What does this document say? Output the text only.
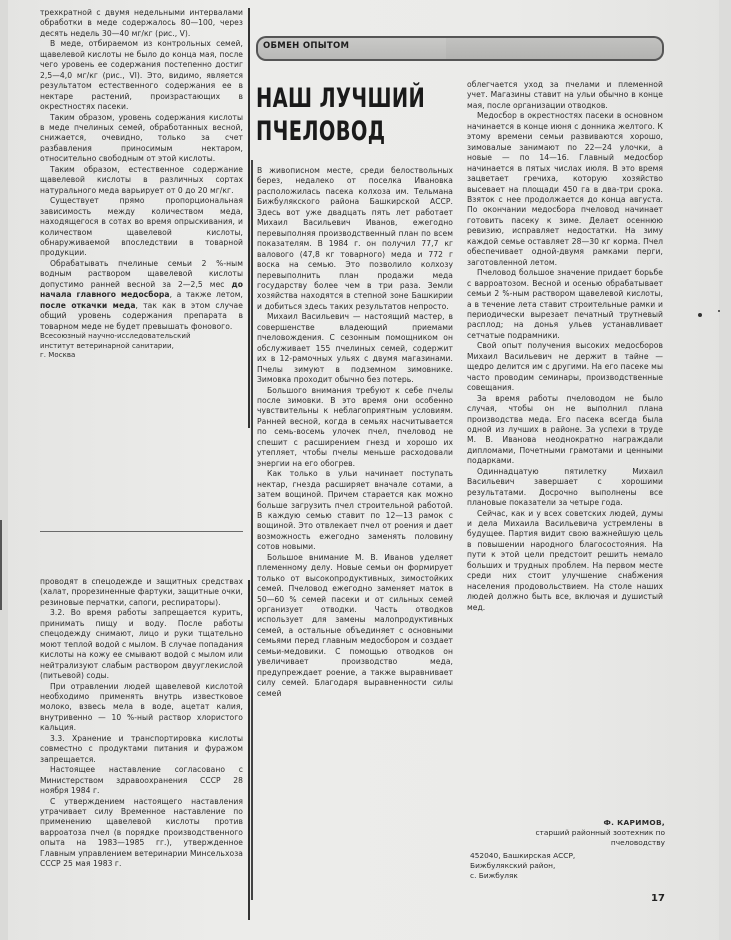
ОБМЕН ОПЫТОМ
НАШ ЛУЧШИЙ
ПЧЕЛОВОД

трехкратной с двумя недельными интервалами обработки в меде содержалось 80—100, через десять недель 30—40 мг/кг (рис., V).

В меде, отбираемом из контрольных семей, щавелевой кислоты не было до конца мая, после чего уровень ее содержания постепенно достиг 2,5—4,0 мг/кг (рис., VI). Это, видимо, является результатом естественного содержания ее в нектаре растений, произрастающих в окрестностях пасеки.

Таким образом, уровень содержания кислоты в меде пчелиных семей, обработанных весной, снижается, очевидно, только за счет разбавления приносимым нектаром, относительно свободным от этой кислоты.

Таким образом, естественное содержание щавелевой кислоты в различных сортах натурального меда варьирует от 0 до 20 мг/кг.

Существует прямо пропорциональная зависимость между количеством меда, находящегося в сотах во время опрыскивания, и количеством щавелевой кислоты, обнаруживаемой впоследствии в товарной продукции.

Обрабатывать пчелиные семьи 2 %-ным водным раствором щавелевой кислоты допустимо ранней весной за 2—2,5 мес до начала главного медосбора, а также летом, после откачки меда, так как в этом случае общий уровень содержания препарата в товарном меде не будет превышать фонового.

Всесоюзный научно-исследовательский
институт ветеринарной санитарии,
г. Москва

проводят в спецодежде и защитных средствах (халат, прорезиненные фартуки, защитные очки, резиновые перчатки, сапоги, респираторы).

3.2. Во время работы запрещается курить, принимать пищу и воду. После работы спецодежду снимают, лицо и руки тщательно моют теплой водой с мылом. В случае попадания кислоты на кожу ее смывают водой с мылом или нейтрализуют слабым раствором двууглекислой (питьевой) соды.

При отравлении людей щавелевой кислотой необходимо применять внутрь известковое молоко, взвесь мела в воде, ацетат калия, внутривенно — 10 %-ный раствор хлористого кальция.

3.3. Хранение и транспортировка кислоты совместно с продуктами питания и фуражом запрещается.

Настоящее наставление согласовано с Министерством здравоохранения СССР 28 ноября 1984 г.

С утверждением настоящего наставления утрачивает силу Временное наставление по применению щавелевой кислоты против варроатоза пчел (в порядке производственного опыта на 1983—1985 гг.), утвержденное Главным управлением ветеринарии Минсельхоза СССР 25 мая 1983 г.

В живописном месте, среди белоствольных берез, недалеко от поселка Ивановка расположилась пасека колхоза им. Тельмана Бижбулякского района Башкирской АССР. Здесь вот уже двадцать пять лет работает Михаил Васильевич Иванов, ежегодно перевыполняя производственный план по всем показателям. В 1984 г. он получил 77,7 кг валового (47,8 кг товарного) меда и 772 г воска на семью. Это позволило колхозу перевыполнить план продажи меда государству более чем в три раза. Земли хозяйства находятся в степной зоне Башкирии и добиться здесь таких результатов непросто.

Михаил Васильевич — настоящий мастер, в совершенстве владеющий приемами пчеловождения. С сезонным помощником он обслуживает 155 пчелиных семей, содержит их в 12-рамочных ульях с двумя магазинами. Пчелы зимуют в подземном зимовнике. Зимовка проходит обычно без потерь.

Большого внимания требуют к себе пчелы после зимовки. В это время они особенно чувствительны к неблагоприятным условиям. Ранней весной, когда в семьях насчитывается по семь-восемь улочек пчел, пчеловод не спешит с расширением гнезд и хорошо их утепляет, чтобы пчелы меньше расходовали энергии на его обогрев.

Как только в ульи начинает поступать нектар, гнезда расширяет вначале сотами, а затем вощиной. Причем старается как можно больше загрузить пчел строительной работой. В каждую семью ставит по 12—13 рамок с вощиной. Это отвлекает пчел от роения и дает возможность ежегодно заменять половину сотов новыми.

Большое внимание М. В. Иванов уделяет племенному делу. Новые семьи он формирует только от высокопродуктивных, зимостойких семей. Пчеловод ежегодно заменяет маток в 50—60 % семей пасеки и от сильных семей организует отводки. Часть отводков использует для замены малопродуктивных семей, а остальные объединяет с основными семьями перед главным медосбором и создает семьи-медовики. С помощью отводков он увеличивает производство меда, предупреждает роение, а также выравнивает силу семей. Благодаря выравненности силы семей

облегчается уход за пчелами и племенной учет. Магазины ставит на ульи обычно в конце мая, после организации отводков.

Медосбор в окрестностях пасеки в основном начинается в конце июня с донника желтого. К этому времени семьи развиваются хорошо, зимовалые занимают по 22—24 улочки, а новые — по 14—16. Главный медосбор начинается в пятых числах июля. В это время зацветает гречиха, которую хозяйство высевает на площади 450 га в два-три срока. Взяток с нее продолжается до конца августа. По окончании медосбора пчеловод начинает готовить пасеку к зиме. Делает осеннюю ревизию, исправляет недостатки. На зиму каждой семье оставляет 28—30 кг корма. Пчел обеспечивает одной-двумя рамками перги, заготовленной летом.

Пчеловод большое значение придает борьбе с варроатозом. Весной и осенью обрабатывает семьи 2 %-ным раствором щавелевой кислоты, а в течение лета ставит строительные рамки и периодически вырезает печатный трутневый расплод; на донья ульев устанавливает сетчатые подрамники.

Свой опыт получения высоких медосборов Михаил Васильевич не держит в тайне — щедро делится им с другими. На его пасеке мы часто проводим семинары, производственные совещания.

За время работы пчеловодом не было случая, чтобы он не выполнил плана производства меда. Его пасека всегда была одной из лучших в районе. За успехи в труде М. В. Иванова неоднократно награждали дипломами, Почетными грамотами и ценными подарками.

Одиннадцатую пятилетку Михаил Васильевич завершает с хорошими результатами. Досрочно выполнены все плановые показатели за четыре года.

Сейчас, как и у всех советских людей, думы и дела Михаила Васильевича устремлены в будущее. Партия видит свою важнейшую цель в повышении народного благосостояния. На пути к этой цели предстоит решить немало больших и трудных проблем. На первом месте среди них стоит улучшение снабжения населения продовольствием. На столе наших людей должно быть все, включая и душистый мед.

Ф. КАРИМОВ,
старший районный зоотехник по
пчеловодству
452040, Башкирская АССР,
Бижбулякский район,
с. Бижбуляк
17
